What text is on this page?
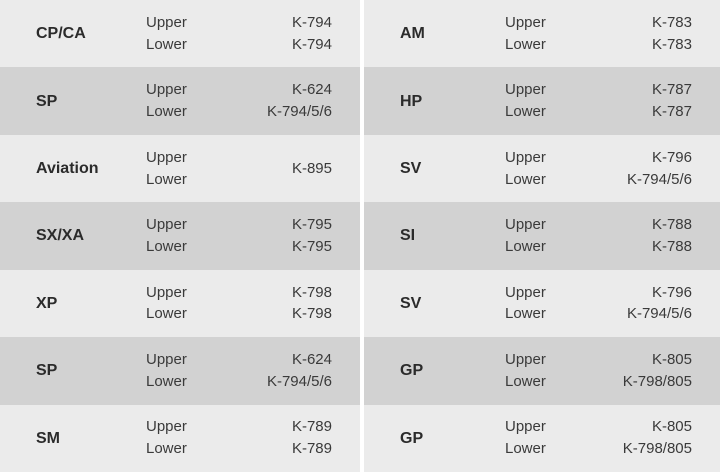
CP/CA
Upper
Lower
K-794
K-794
AM
Upper
Lower
K-783
K-783
SP
Upper
Lower
K-624
K-794/5/6
HP
Upper
Lower
K-787
K-787
Aviation
Upper
Lower
K-895	SV
Upper
Lower
K-796
K-794/5/6
SX/XA
Upper
Lower
K-795
K-795
SI
Upper
Lower
K-788
K-788
XP
Upper
Lower
K-798
K-798
SV
Upper
Lower
K-796
K-794/5/6
SP
Upper
Lower
K-624
K-794/5/6
GP
Upper
Lower
K-805
K-798/805
SM
Upper
Lower
K-789
K-789
GP
Upper
Lower
K-805
K-798/805
